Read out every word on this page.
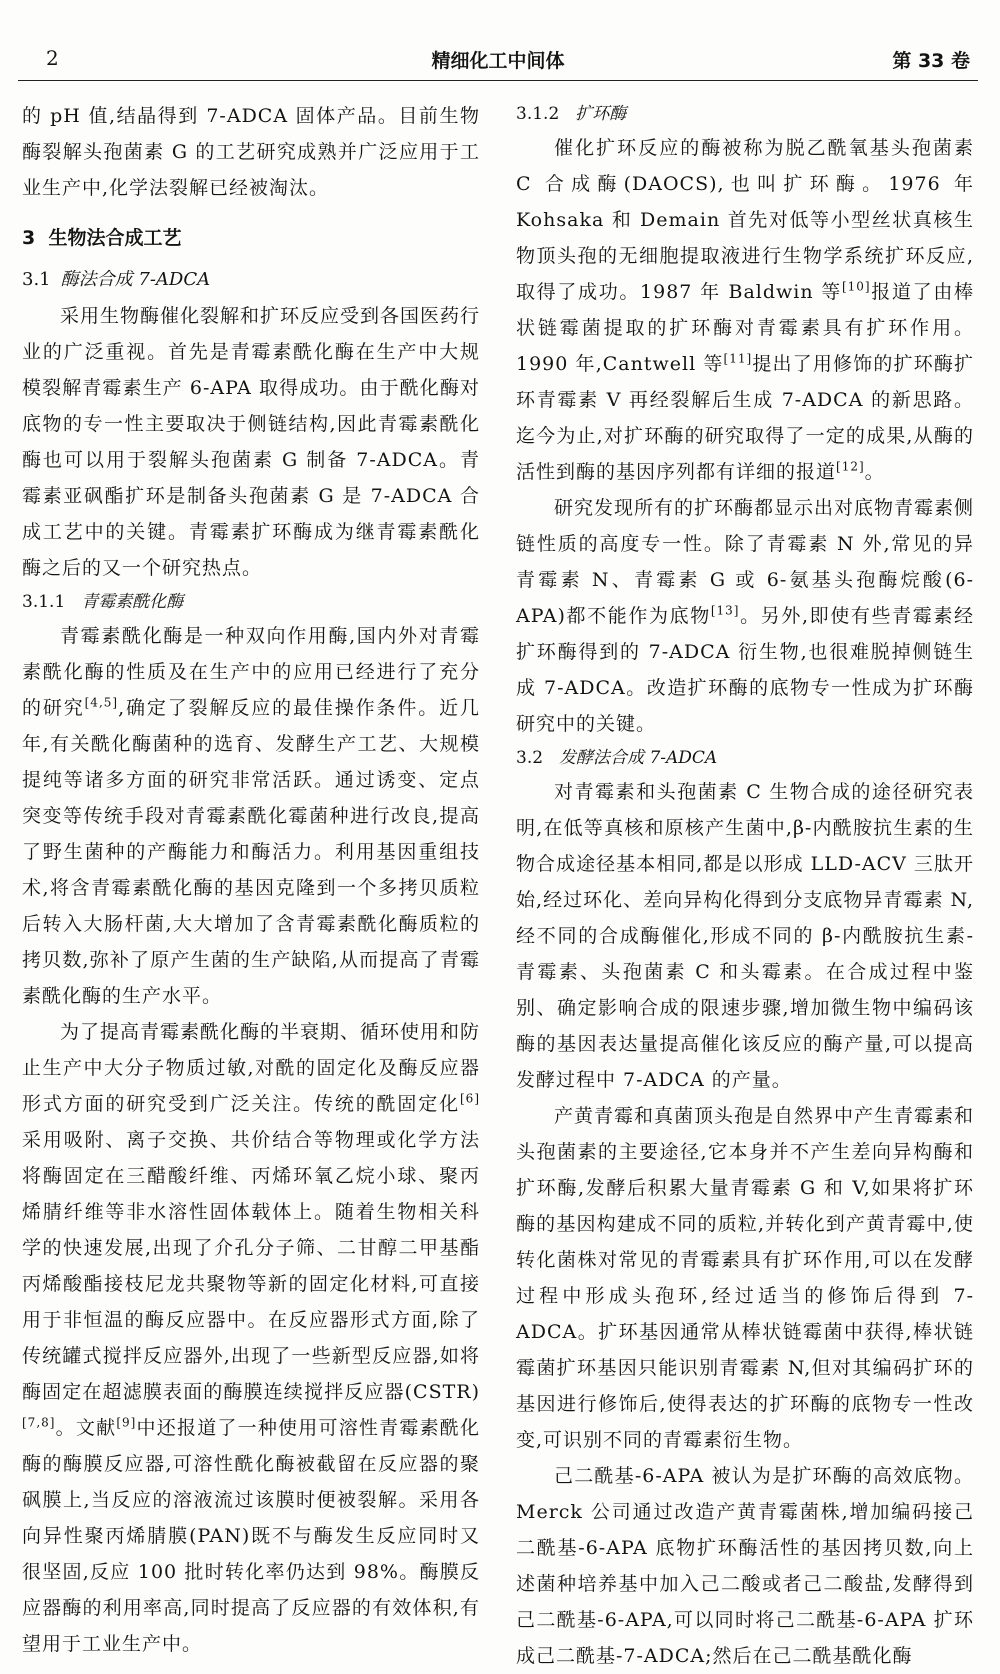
2	精细化工中间体	第 33 卷

的 pH 值,结晶得到 7-ADCA 固体产品。目前生物酶裂解头孢菌素 G 的工艺研究成熟并广泛应用于工业生产中,化学法裂解已经被淘汰。

3 生物法合成工艺
3.1 酶法合成 7-ADCA

采用生物酶催化裂解和扩环反应受到各国医药行业的广泛重视。首先是青霉素酰化酶在生产中大规模裂解青霉素生产 6-APA 取得成功。由于酰化酶对底物的专一性主要取决于侧链结构,因此青霉素酰化酶也可以用于裂解头孢菌素 G 制备 7-ADCA。青霉素亚砜酯扩环是制备头孢菌素 G 是 7-ADCA 合成工艺中的关键。青霉素扩环酶成为继青霉素酰化酶之后的又一个研究热点。

3.1.1 青霉素酰化酶

青霉素酰化酶是一种双向作用酶,国内外对青霉素酰化酶的性质及在生产中的应用已经进行了充分的研究[4,5],确定了裂解反应的最佳操作条件。近几年,有关酰化酶菌种的选育、发酵生产工艺、大规模提纯等诸多方面的研究非常活跃。通过诱变、定点突变等传统手段对青霉素酰化霉菌种进行改良,提高了野生菌种的产酶能力和酶活力。利用基因重组技术,将含青霉素酰化酶的基因克隆到一个多拷贝质粒后转入大肠杆菌,大大增加了含青霉素酰化酶质粒的拷贝数,弥补了原产生菌的生产缺陷,从而提高了青霉素酰化酶的生产水平。

为了提高青霉素酰化酶的半衰期、循环使用和防止生产中大分子物质过敏,对酰的固定化及酶反应器形式方面的研究受到广泛关注。传统的酰固定化[6]采用吸附、离子交换、共价结合等物理或化学方法将酶固定在三醋酸纤维、丙烯环氧乙烷小球、聚丙烯腈纤维等非水溶性固体载体上。随着生物相关科学的快速发展,出现了介孔分子筛、二甘醇二甲基酯丙烯酸酯接枝尼龙共聚物等新的固定化材料,可直接用于非恒温的酶反应器中。在反应器形式方面,除了传统罐式搅拌反应器外,出现了一些新型反应器,如将酶固定在超滤膜表面的酶膜连续搅拌反应器(CSTR)[7,8]。文献[9]中还报道了一种使用可溶性青霉素酰化酶的酶膜反应器,可溶性酰化酶被截留在反应器的聚砜膜上,当反应的溶液流过该膜时便被裂解。采用各向异性聚丙烯腈膜(PAN)既不与酶发生反应同时又很坚固,反应 100 批时转化率仍达到 98%。酶膜反应器酶的利用率高,同时提高了反应器的有效体积,有望用于工业生产中。

3.1.2 扩环酶

催化扩环反应的酶被称为脱乙酰氧基头孢菌素 C 合成酶(DAOCS),也叫扩环酶。1976 年 Kohsaka 和 Demain 首先对低等小型丝状真核生物顶头孢的无细胞提取液进行生物学系统扩环反应,取得了成功。1987 年 Baldwin 等[10]报道了由棒状链霉菌提取的扩环酶对青霉素具有扩环作用。1990 年,Cantwell 等[11]提出了用修饰的扩环酶扩环青霉素 V 再经裂解后生成 7-ADCA 的新思路。迄今为止,对扩环酶的研究取得了一定的成果,从酶的活性到酶的基因序列都有详细的报道[12]。

研究发现所有的扩环酶都显示出对底物青霉素侧链性质的高度专一性。除了青霉素 N 外,常见的异青霉素 N、青霉素 G 或 6-氨基头孢酶烷酸(6-APA)都不能作为底物[13]。另外,即使有些青霉素经扩环酶得到的 7-ADCA 衍生物,也很难脱掉侧链生成 7-ADCA。改造扩环酶的底物专一性成为扩环酶研究中的关键。

3.2 发酵法合成 7-ADCA

对青霉素和头孢菌素 C 生物合成的途径研究表明,在低等真核和原核产生菌中,β-内酰胺抗生素的生物合成途径基本相同,都是以形成 LLD-ACV 三肽开始,经过环化、差向异构化得到分支底物异青霉素 N,经不同的合成酶催化,形成不同的 β-内酰胺抗生素-青霉素、头孢菌素 C 和头霉素。在合成过程中鉴别、确定影响合成的限速步骤,增加微生物中编码该酶的基因表达量提高催化该反应的酶产量,可以提高发酵过程中 7-ADCA 的产量。

产黄青霉和真菌顶头孢是自然界中产生青霉素和头孢菌素的主要途径,它本身并不产生差向异构酶和扩环酶,发酵后积累大量青霉素 G 和 V,如果将扩环酶的基因构建成不同的质粒,并转化到产黄青霉中,使转化菌株对常见的青霉素具有扩环作用,可以在发酵过程中形成头孢环,经过适当的修饰后得到 7-ADCA。扩环基因通常从棒状链霉菌中获得,棒状链霉菌扩环基因只能识别青霉素 N,但对其编码扩环的基因进行修饰后,使得表达的扩环酶的底物专一性改变,可识别不同的青霉素衍生物。

己二酰基-6-APA 被认为是扩环酶的高效底物。Merck 公司通过改造产黄青霉菌株,增加编码接己二酰基-6-APA 底物扩环酶活性的基因拷贝数,向上述菌种培养基中加入己二酸或者己二酸盐,发酵得到己二酰基-6-APA,可以同时将己二酰基-6-APA 扩环成己二酰基-7-ADCA;然后在己二酰基酰化酶
